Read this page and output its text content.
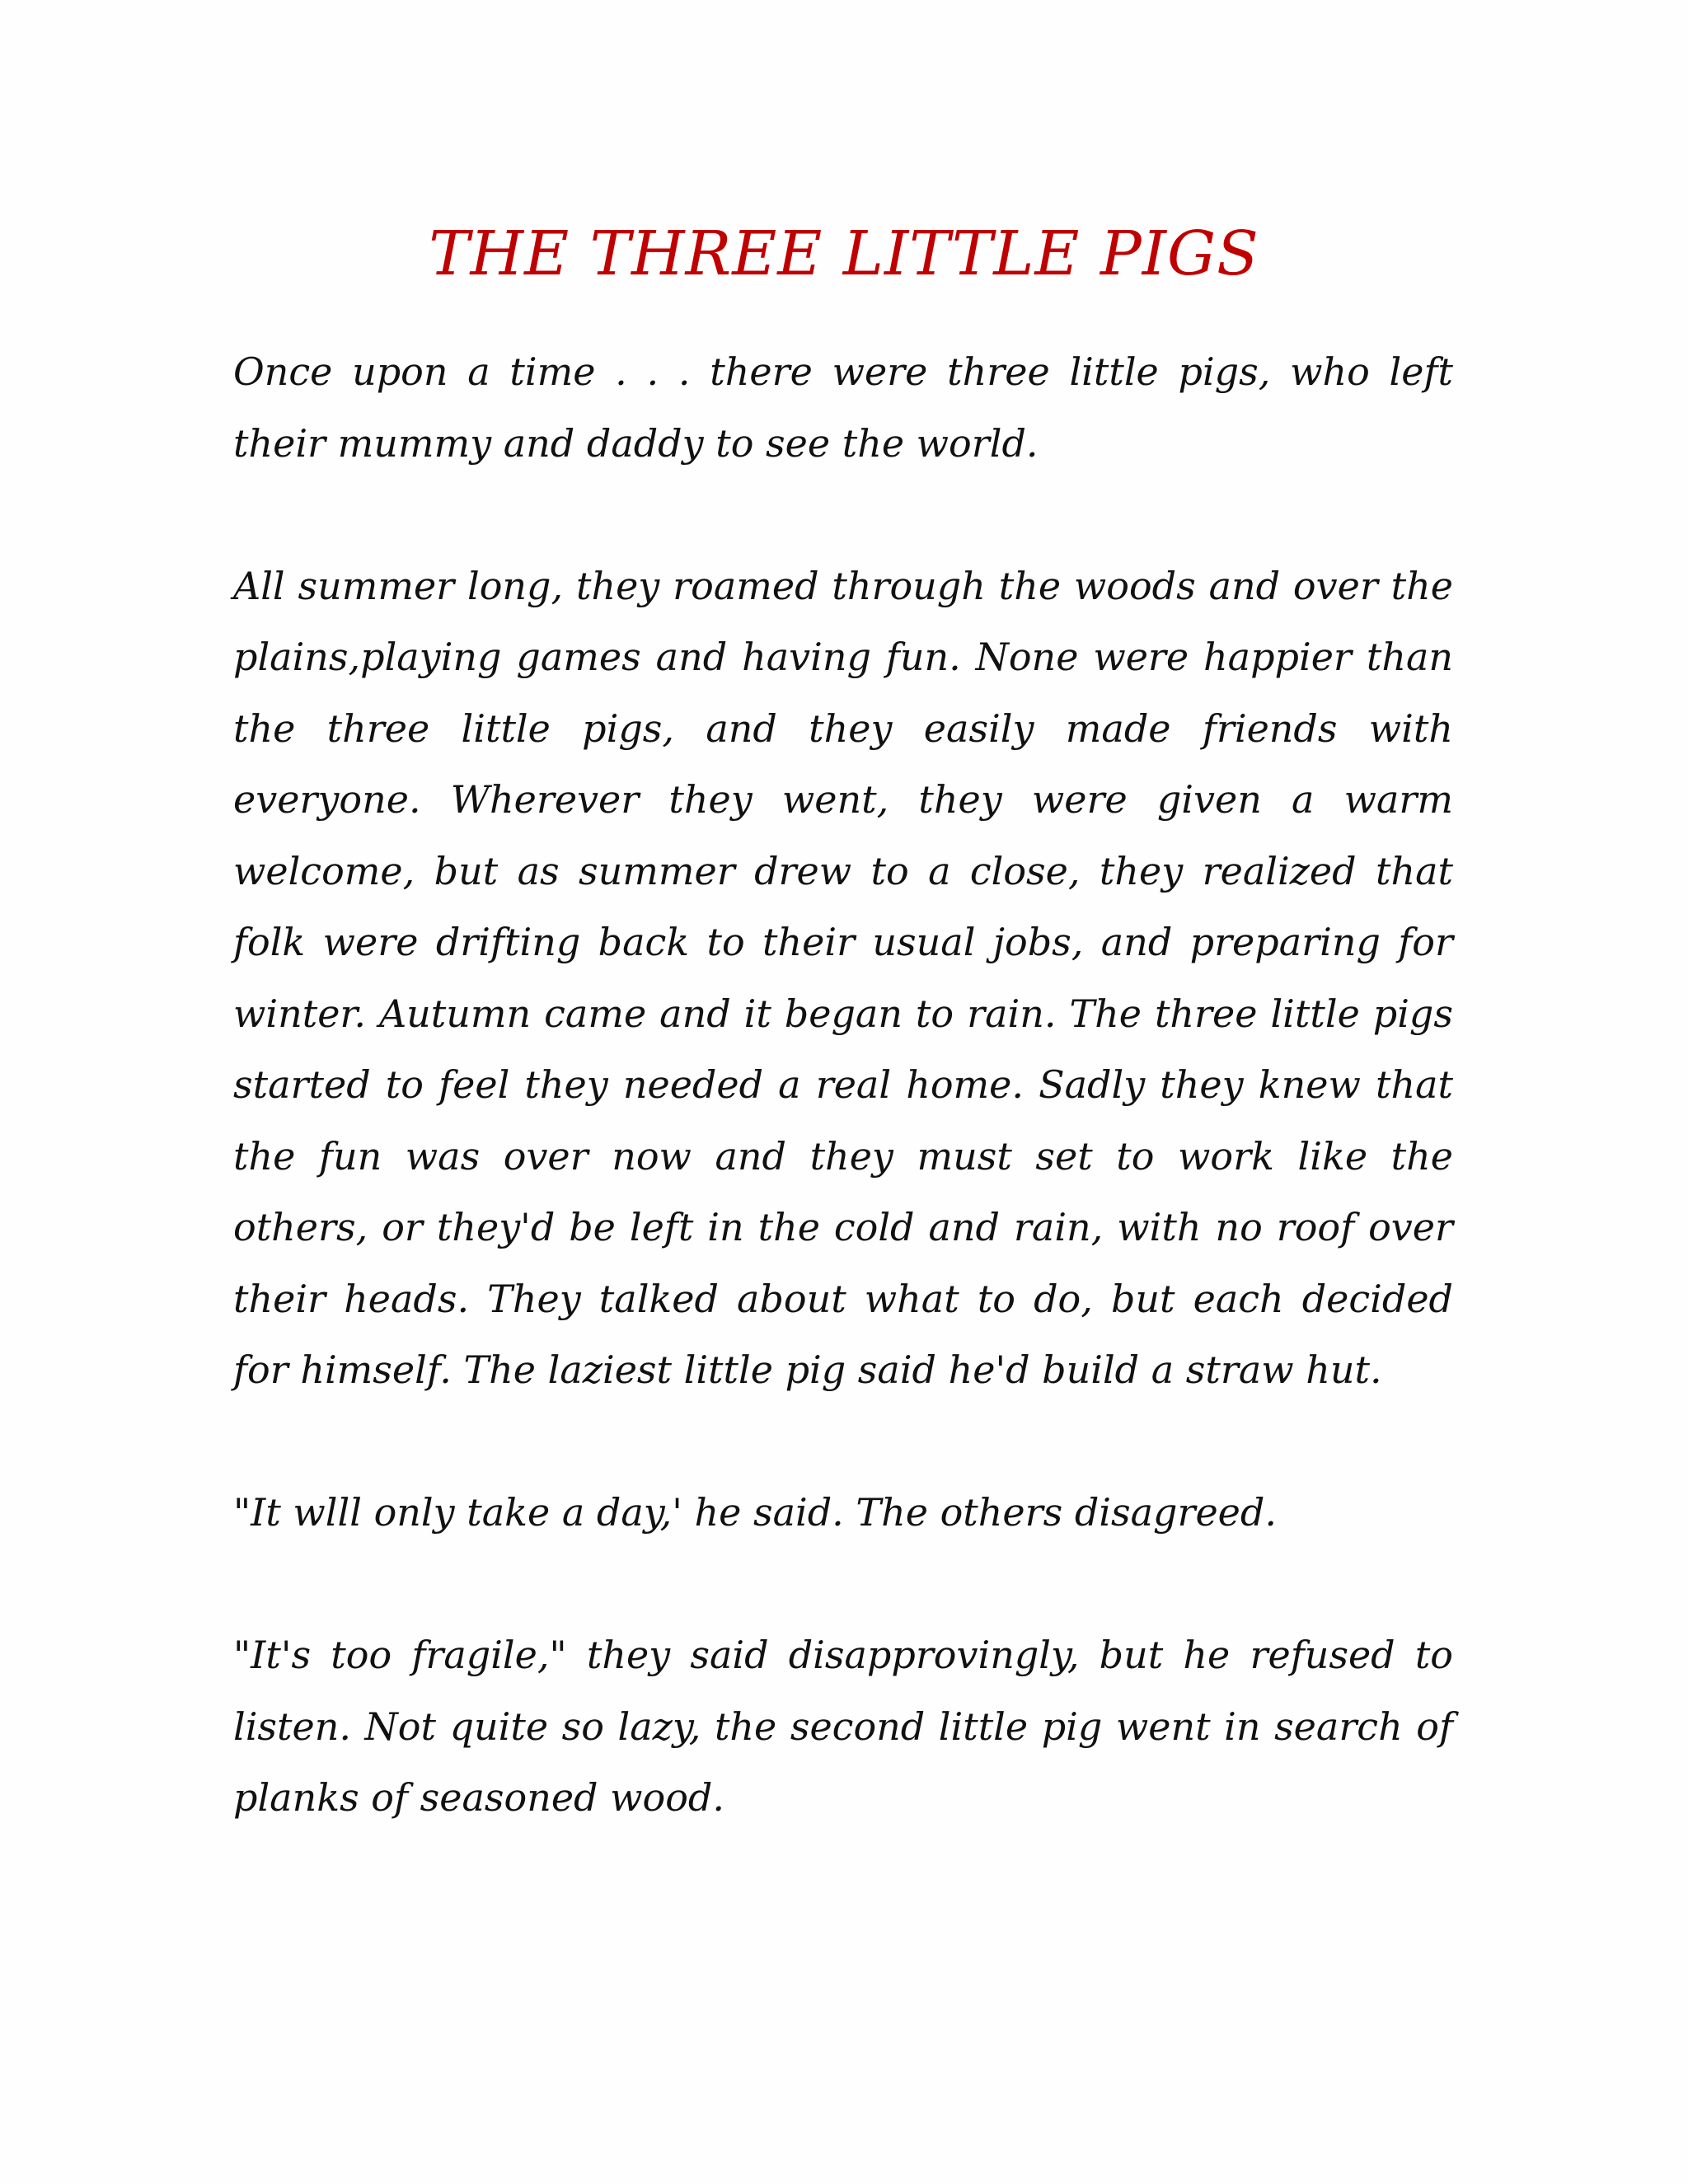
THE THREE LITTLE PIGS

Once upon a time . . . there were three little pigs, who left their mummy and daddy to see the world.

All summer long, they roamed through the woods and over the plains,playing games and having fun. None were happier than the three little pigs, and they easily made friends with everyone. Wherever they went, they were given a warm welcome, but as summer drew to a close, they realized that folk were drifting back to their usual jobs, and preparing for winter. Autumn came and it began to rain. The three little pigs started to feel they needed a real home. Sadly they knew that the fun was over now and they must set to work like the others, or they'd be left in the cold and rain, with no roof over their heads. They talked about what to do, but each decided for himself. The laziest little pig said he'd build a straw hut.

"It wlll only take a day,' he said. The others disagreed.

"It's too fragile," they said disapprovingly, but he refused to listen. Not quite so lazy, the second little pig went in search of planks of seasoned wood.
